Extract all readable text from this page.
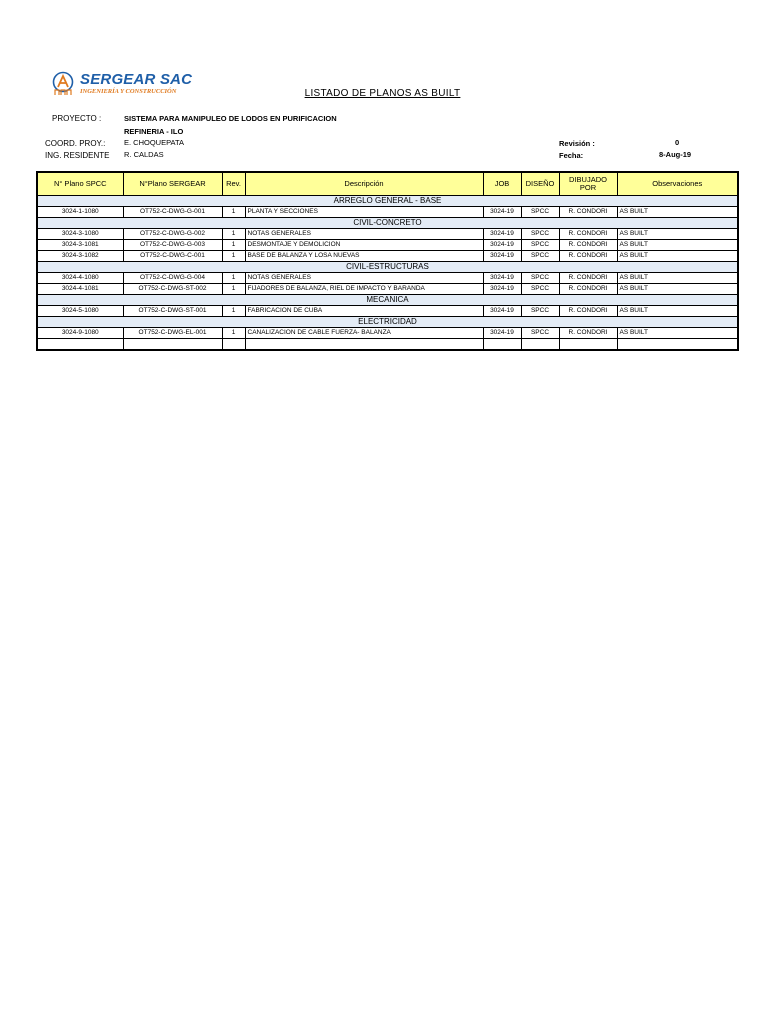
SERGEAR SAC
INGENIERÍA Y CONSTRUCCIÓN	LISTADO DE PLANOS AS BUILT
PROYECTO :	SISTEMA PARA MANIPULEO DE LODOS EN PURIFICACION
REFINERIA - ILO
COORD. PROY.: E. CHOQUEPATA
ING. RESIDENTE R. CALDAS
Revisión :	0
Fecha:	8-Aug-19
N° Plano SPCC	N°Plano SERGEAR	Rev.	Descripción	JOB	DISEÑO	DIBUJADO POR	Observaciones
ARREGLO GENERAL - BASE							
3024-1-1080	OT752-C-DWG-G-001	1	PLANTA Y SECCIONES	3024-19	SPCC	R. CONDORI	AS BUILT
CIVIL-CONCRETO							
3024-3-1080	OT752-C-DWG-G-002	1	NOTAS GENERALES	3024-19	SPCC	R. CONDORI	AS BUILT
3024-3-1081	OT752-C-DWG-G-003	1	DESMONTAJE Y DEMOLICION	3024-19	SPCC	R. CONDORI	AS BUILT
3024-3-1082	OT752-C-DWG-C-001	1	BASE DE BALANZA Y LOSA NUEVAS	3024-19	SPCC	R. CONDORI	AS BUILT
CIVIL-ESTRUCTURAS							
3024-4-1080	OT752-C-DWG-G-004	1	NOTAS GENERALES	3024-19	SPCC	R. CONDORI	AS BUILT
3024-4-1081	OT752-C-DWG-ST-002	1	FIJADORES DE BALANZA, RIEL DE IMPACTO Y BARANDA	3024-19	SPCC	R. CONDORI	AS BUILT
MECANICA							
3024-5-1080	OT752-C-DWG-ST-001	1	FABRICACION DE CUBA	3024-19	SPCC	R. CONDORI	AS BUILT
ELECTRICIDAD							
3024-9-1080	OT752-C-DWG-EL-001	1	CANALIZACION DE CABLE FUERZA- BALANZA	3024-19	SPCC	R. CONDORI	AS BUILT
